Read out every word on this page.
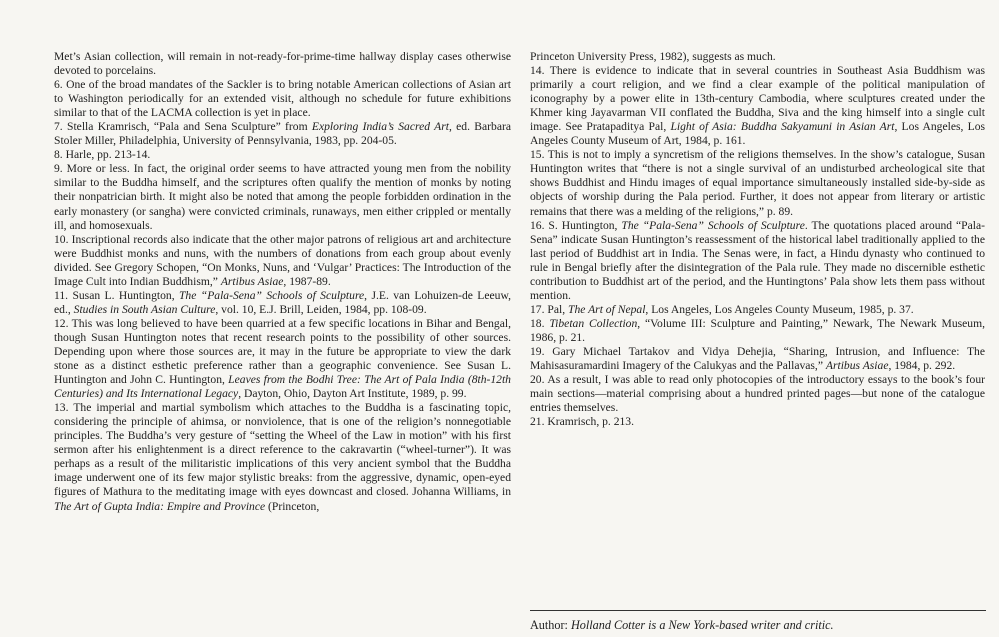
Met’s Asian collection, will remain in not-ready-for-prime-time hallway display cases otherwise devoted to porcelains.

6. One of the broad mandates of the Sackler is to bring notable American collections of Asian art to Washington periodically for an extended visit, although no schedule for future exhibitions similar to that of the LACMA collection is yet in place.

7. Stella Kramrisch, “Pala and Sena Sculpture” from Exploring India’s Sacred Art, ed. Barbara Stoler Miller, Philadelphia, University of Pennsylvania, 1983, pp. 204-05.

8. Harle, pp. 213-14.

9. More or less. In fact, the original order seems to have attracted young men from the nobility similar to the Buddha himself, and the scriptures often qualify the mention of monks by noting their nonpatrician birth. It might also be noted that among the people forbidden ordination in the early monastery (or sangha) were convicted criminals, runaways, men either crippled or mentally ill, and homosexuals.

10. Inscriptional records also indicate that the other major patrons of religious art and architecture were Buddhist monks and nuns, with the numbers of donations from each group about evenly divided. See Gregory Schopen, “On Monks, Nuns, and ‘Vulgar’ Practices: The Introduction of the Image Cult into Indian Buddhism,” Artibus Asiae, 1987-89.

11. Susan L. Huntington, The “Pala-Sena” Schools of Sculpture, J.E. van Lohuizen-de Leeuw, ed., Studies in South Asian Culture, vol. 10, E.J. Brill, Leiden, 1984, pp. 108-09.

12. This was long believed to have been quarried at a few specific locations in Bihar and Bengal, though Susan Huntington notes that recent research points to the possibility of other sources. Depending upon where those sources are, it may in the future be appropriate to view the dark stone as a distinct esthetic preference rather than a geographic convenience. See Susan L. Huntington and John C. Huntington, Leaves from the Bodhi Tree: The Art of Pala India (8th-12th Centuries) and Its International Legacy, Dayton, Ohio, Dayton Art Institute, 1989, p. 99.

13. The imperial and martial symbolism which attaches to the Buddha is a fascinating topic, considering the principle of ahimsa, or nonviolence, that is one of the religion’s nonnegotiable principles. The Buddha’s very gesture of “setting the Wheel of the Law in motion” with his first sermon after his enlightenment is a direct reference to the cakravartin (“wheel-turner”). It was perhaps as a result of the militaristic implications of this very ancient symbol that the Buddha image underwent one of its few major stylistic breaks: from the aggressive, dynamic, open-eyed figures of Mathura to the meditating image with eyes downcast and closed. Johanna Williams, in The Art of Gupta India: Empire and Province (Princeton,

Princeton University Press, 1982), suggests as much.

14. There is evidence to indicate that in several countries in Southeast Asia Buddhism was primarily a court religion, and we find a clear example of the political manipulation of iconography by a power elite in 13th-century Cambodia, where sculptures created under the Khmer king Jayavarman VII conflated the Buddha, Siva and the king himself into a single cult image. See Pratapaditya Pal, Light of Asia: Buddha Sakyamuni in Asian Art, Los Angeles, Los Angeles County Museum of Art, 1984, p. 161.

15. This is not to imply a syncretism of the religions themselves. In the show’s catalogue, Susan Huntington writes that “there is not a single survival of an undisturbed archeological site that shows Buddhist and Hindu images of equal importance simultaneously installed side-by-side as objects of worship during the Pala period. Further, it does not appear from literary or artistic remains that there was a melding of the religions,” p. 89.

16. S. Huntington, The “Pala-Sena” Schools of Sculpture. The quotations placed around “Pala-Sena” indicate Susan Huntington’s reassessment of the historical label traditionally applied to the last period of Buddhist art in India. The Senas were, in fact, a Hindu dynasty who continued to rule in Bengal briefly after the disintegration of the Pala rule. They made no discernible esthetic contribution to Buddhist art of the period, and the Huntingtons’ Pala show lets them pass without mention.

17. Pal, The Art of Nepal, Los Angeles, Los Angeles County Museum, 1985, p. 37.

18. Tibetan Collection, “Volume III: Sculpture and Painting,” Newark, The Newark Museum, 1986, p. 21.

19. Gary Michael Tartakov and Vidya Dehejia, “Sharing, Intrusion, and Influence: The Mahisasuramardini Imagery of the Calukyas and the Pallavas,” Artibus Asiae, 1984, p. 292.

20. As a result, I was able to read only photocopies of the introductory essays to the book’s four main sections—material comprising about a hundred printed pages—but none of the catalogue entries themselves.

21. Kramrisch, p. 213.

Author: Holland Cotter is a New York-based writer and critic.
